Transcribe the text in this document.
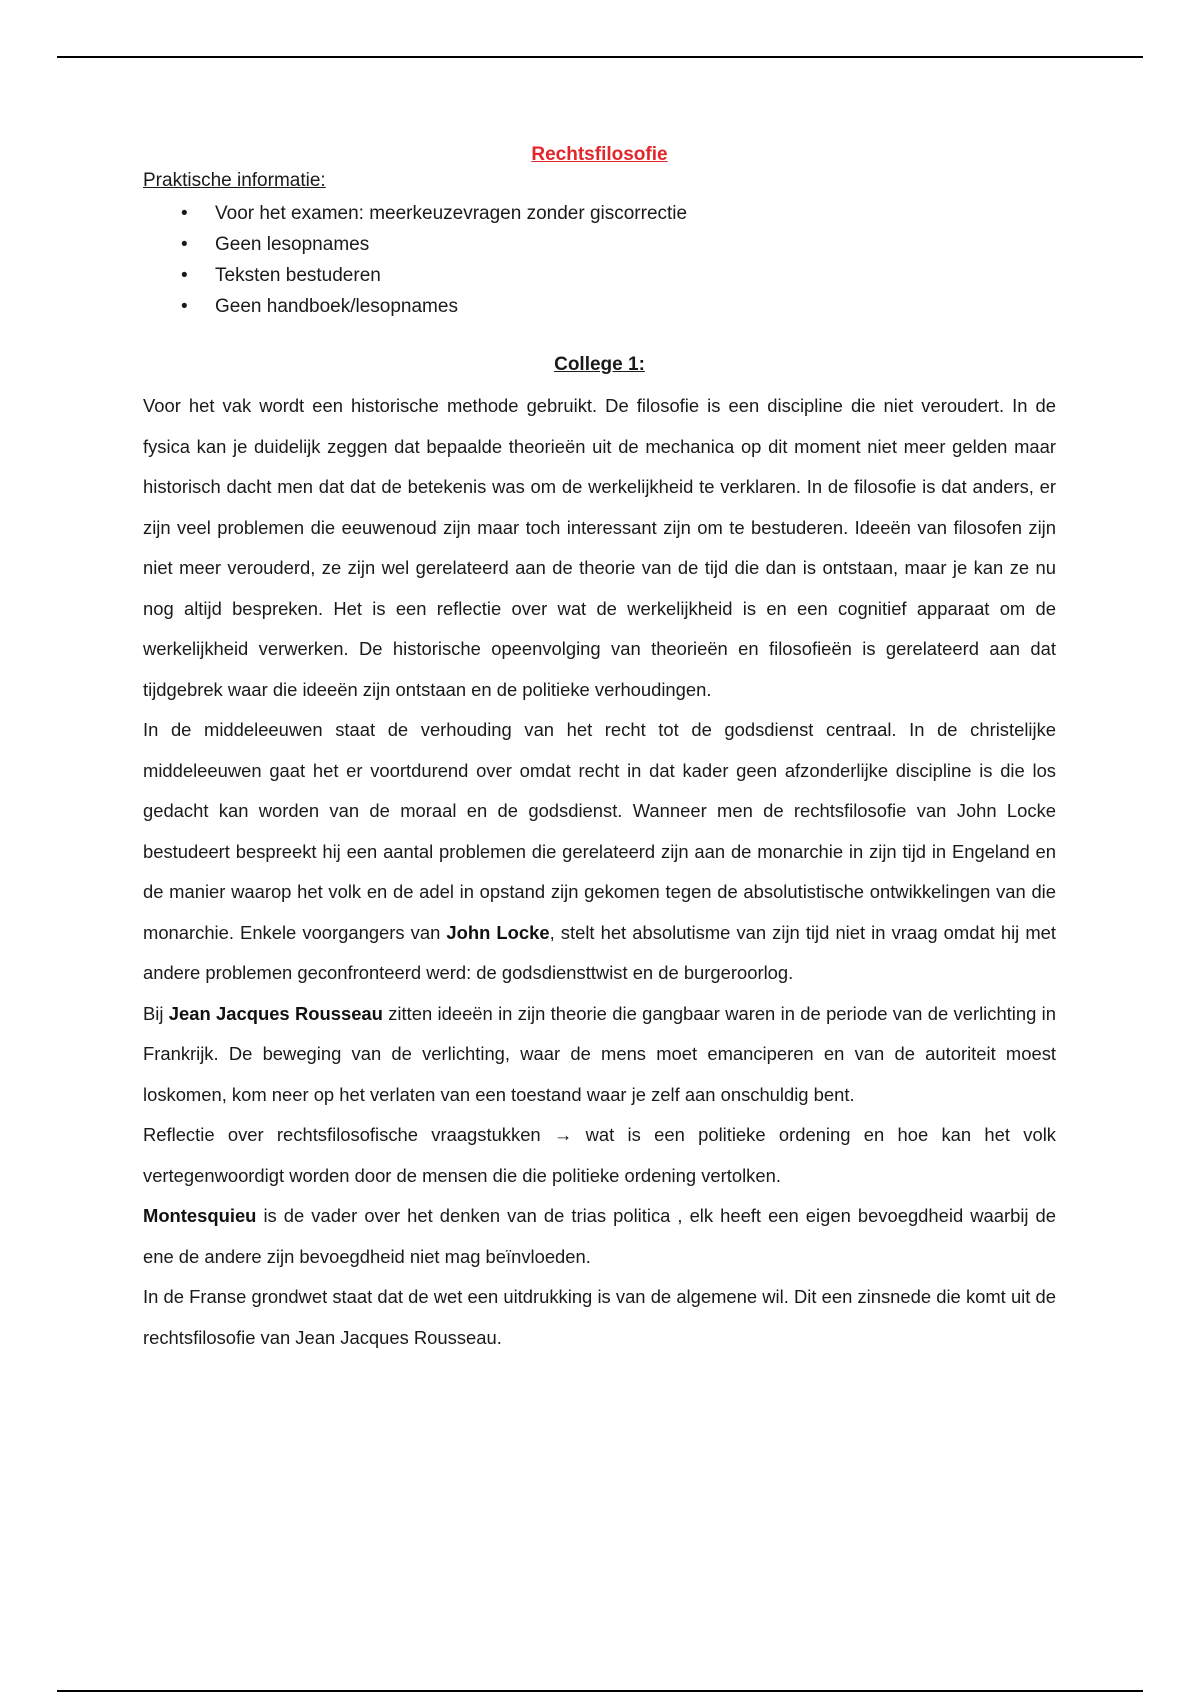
Rechtsfilosofie

Praktische informatie:

• Voor het examen: meerkeuzevragen zonder giscorrectie
• Geen lesopnames
• Teksten bestuderen
• Geen handboek/lesopnames

College 1:

Voor het vak wordt een historische methode gebruikt. De filosofie is een discipline die niet veroudert. In de fysica kan je duidelijk zeggen dat bepaalde theorieën uit de mechanica op dit moment niet meer gelden maar historisch dacht men dat dat de betekenis was om de werkelijkheid te verklaren. In de filosofie is dat anders, er zijn veel problemen die eeuwenoud zijn maar toch interessant zijn om te bestuderen. Ideeën van filosofen zijn niet meer verouderd, ze zijn wel gerelateerd aan de theorie van de tijd die dan is ontstaan, maar je kan ze nu nog altijd bespreken. Het is een reflectie over wat de werkelijkheid is en een cognitief apparaat om de werkelijkheid verwerken. De historische opeenvolging van theorieën en filosofieën is gerelateerd aan dat tijdgebrek waar die ideeën zijn ontstaan en de politieke verhoudingen.

In de middeleeuwen staat de verhouding van het recht tot de godsdienst centraal. In de christelijke middeleeuwen gaat het er voortdurend over omdat recht in dat kader geen afzonderlijke discipline is die los gedacht kan worden van de moraal en de godsdienst. Wanneer men de rechtsfilosofie van John Locke bestudeert bespreekt hij een aantal problemen die gerelateerd zijn aan de monarchie in zijn tijd in Engeland en de manier waarop het volk en de adel in opstand zijn gekomen tegen de absolutistische ontwikkelingen van die monarchie. Enkele voorgangers van John Locke, stelt het absolutisme van zijn tijd niet in vraag omdat hij met andere problemen geconfronteerd werd: de godsdiensttwist en de burgeroorlog.

Bij Jean Jacques Rousseau zitten ideeën in zijn theorie die gangbaar waren in de periode van de verlichting in Frankrijk. De beweging van de verlichting, waar de mens moet emanciperen en van de autoriteit moest loskomen, kom neer op het verlaten van een toestand waar je zelf aan onschuldig bent.

Reflectie over rechtsfilosofische vraagstukken → wat is een politieke ordening en hoe kan het volk vertegenwoordigt worden door de mensen die die politieke ordening vertolken.

Montesquieu is de vader over het denken van de trias politica , elk heeft een eigen bevoegdheid waarbij de ene de andere zijn bevoegdheid niet mag beïnvloeden.

In de Franse grondwet staat dat de wet een uitdrukking is van de algemene wil. Dit een zinsnede die komt uit de rechtsfilosofie van Jean Jacques Rousseau.
